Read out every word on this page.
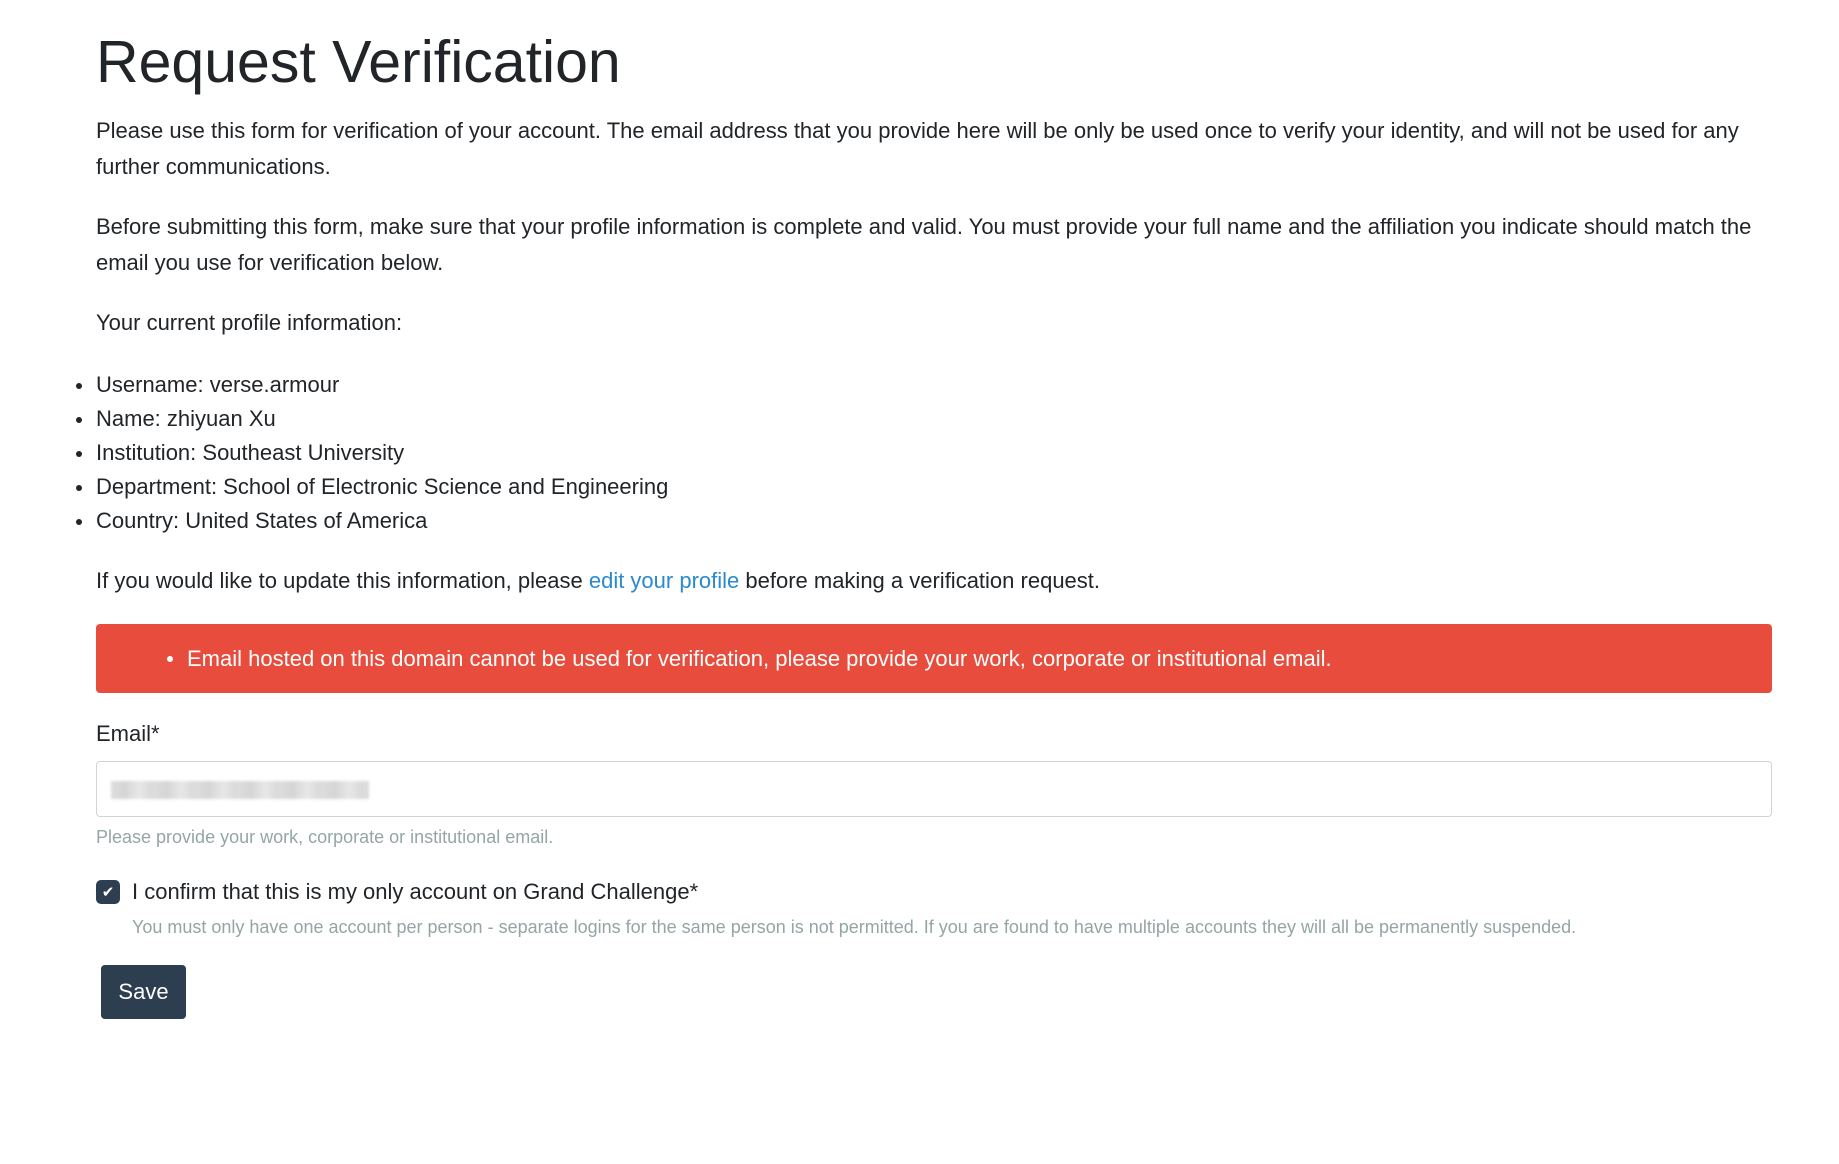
Request Verification

Please use this form for verification of your account. The email address that you provide here will be only be used once to verify your identity, and will not be used for any further communications.

Before submitting this form, make sure that your profile information is complete and valid. You must provide your full name and the affiliation you indicate should match the email you use for verification below.

Your current profile information:

Username: verse.armour
Name: zhiyuan Xu
Institution: Southeast University
Department: School of Electronic Science and Engineering
Country: United States of America

If you would like to update this information, please edit your profile before making a verification request.

Email hosted on this domain cannot be used for verification, please provide your work, corporate or institutional email.
Email*
Please provide your work, corporate or institutional email.
✔ I confirm that this is my only account on Grand Challenge*
You must only have one account per person - separate logins for the same person is not permitted. If you are found to have multiple accounts they will all be permanently suspended.
Save
